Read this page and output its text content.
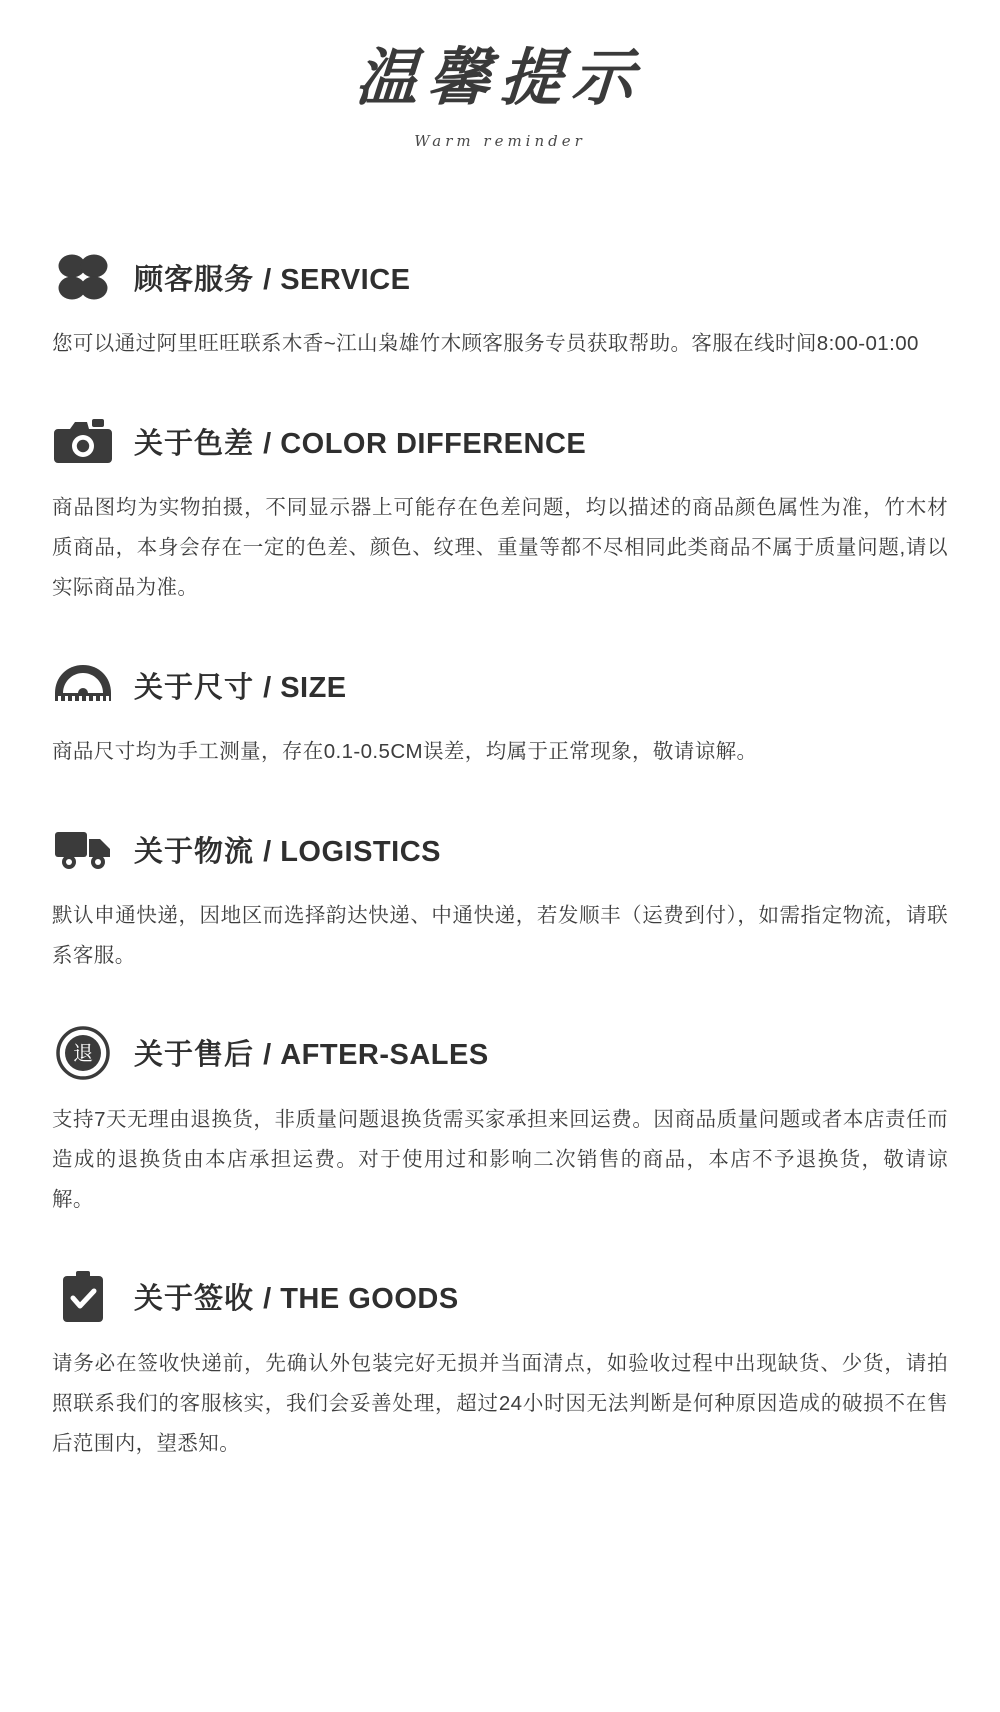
温馨提示
Warm reminder
顾客服务 / SERVICE
您可以通过阿里旺旺联系木香~江山枭雄竹木顾客服务专员获取帮助。客服在线时间8:00-01:00
关于色差 / COLOR DIFFERENCE
商品图均为实物拍摄，不同显示器上可能存在色差问题，均以描述的商品颜色属性为准，竹木材质商品，本身会存在一定的色差、颜色、纹理、重量等都不尽相同此类商品不属于质量问题,请以实际商品为准。
关于尺寸 / SIZE
商品尺寸均为手工测量，存在0.1-0.5CM误差，均属于正常现象，敬请谅解。
关于物流 / LOGISTICS
默认申通快递，因地区而选择韵达快递、中通快递，若发顺丰（运费到付），如需指定物流，请联系客服。
退 关于售后 / AFTER-SALES
支持7天无理由退换货，非质量问题退换货需买家承担来回运费。因商品质量问题或者本店责任而造成的退换货由本店承担运费。对于使用过和影响二次销售的商品，本店不予退换货，敬请谅解。
关于签收 / THE GOODS
请务必在签收快递前，先确认外包装完好无损并当面清点，如验收过程中出现缺货、少货，请拍照联系我们的客服核实，我们会妥善处理，超过24小时因无法判断是何种原因造成的破损不在售后范围内，望悉知。
